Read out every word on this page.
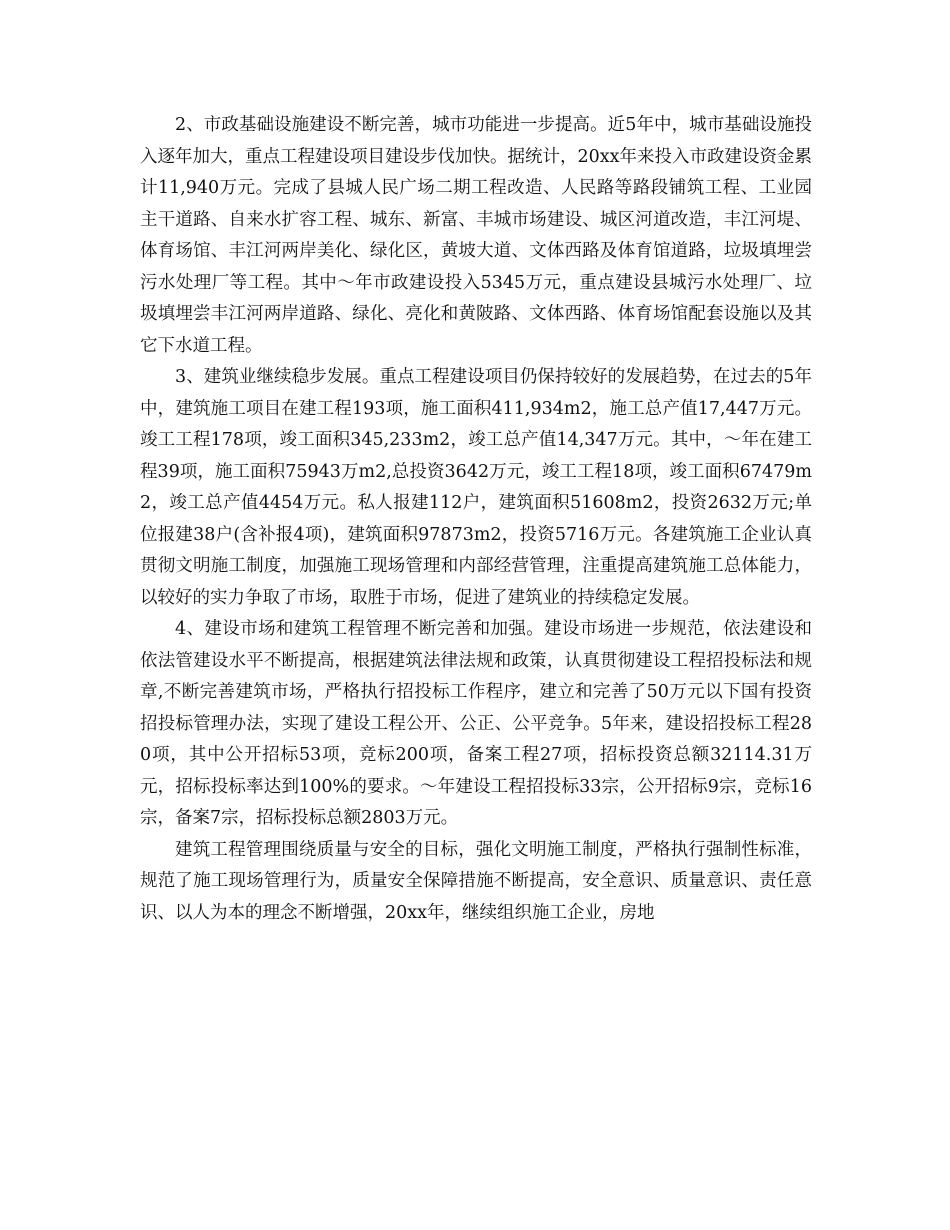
2、市政基础设施建设不断完善，城市功能进一步提高。近5年中，城市基础设施投入逐年加大，重点工程建设项目建设步伐加快。据统计，20xx年来投入市政建设资金累计11,940万元。完成了县城人民广场二期工程改造、人民路等路段铺筑工程、工业园主干道路、自来水扩容工程、城东、新富、丰城市场建设、城区河道改造，丰江河堤、体育场馆、丰江河两岸美化、绿化区，黄坡大道、文体西路及体育馆道路，垃圾填埋尝污水处理厂等工程。其中～年市政建设投入5345万元，重点建设县城污水处理厂、垃圾填埋尝丰江河两岸道路、绿化、亮化和黄陂路、文体西路、体育场馆配套设施以及其它下水道工程。

3、建筑业继续稳步发展。重点工程建设项目仍保持较好的发展趋势，在过去的5年中，建筑施工项目在建工程193项，施工面积411,934m2，施工总产值17,447万元。竣工工程178项，竣工面积345,233m2，竣工总产值14,347万元。其中，～年在建工程39项，施工面积75943万m2,总投资3642万元，竣工工程18项，竣工面积67479m2，竣工总产值4454万元。私人报建112户，建筑面积51608m2，投资2632万元;单位报建38户(含补报4项)，建筑面积97873m2，投资5716万元。各建筑施工企业认真贯彻文明施工制度，加强施工现场管理和内部经营管理，注重提高建筑施工总体能力，以较好的实力争取了市场，取胜于市场，促进了建筑业的持续稳定发展。

4、建设市场和建筑工程管理不断完善和加强。建设市场进一步规范，依法建设和依法管建设水平不断提高，根据建筑法律法规和政策，认真贯彻建设工程招投标法和规章,不断完善建筑市场，严格执行招投标工作程序，建立和完善了50万元以下国有投资招投标管理办法，实现了建设工程公开、公正、公平竞争。5年来，建设招投标工程280项，其中公开招标53项，竞标200项，备案工程27项，招标投资总额32114.31万元，招标投标率达到100%的要求。～年建设工程招投标33宗，公开招标9宗，竞标16宗，备案7宗，招标投标总额2803万元。

建筑工程管理围绕质量与安全的目标，强化文明施工制度，严格执行强制性标准，规范了施工现场管理行为，质量安全保障措施不断提高，安全意识、质量意识、责任意识、以人为本的理念不断增强，20xx年，继续组织施工企业，房地
